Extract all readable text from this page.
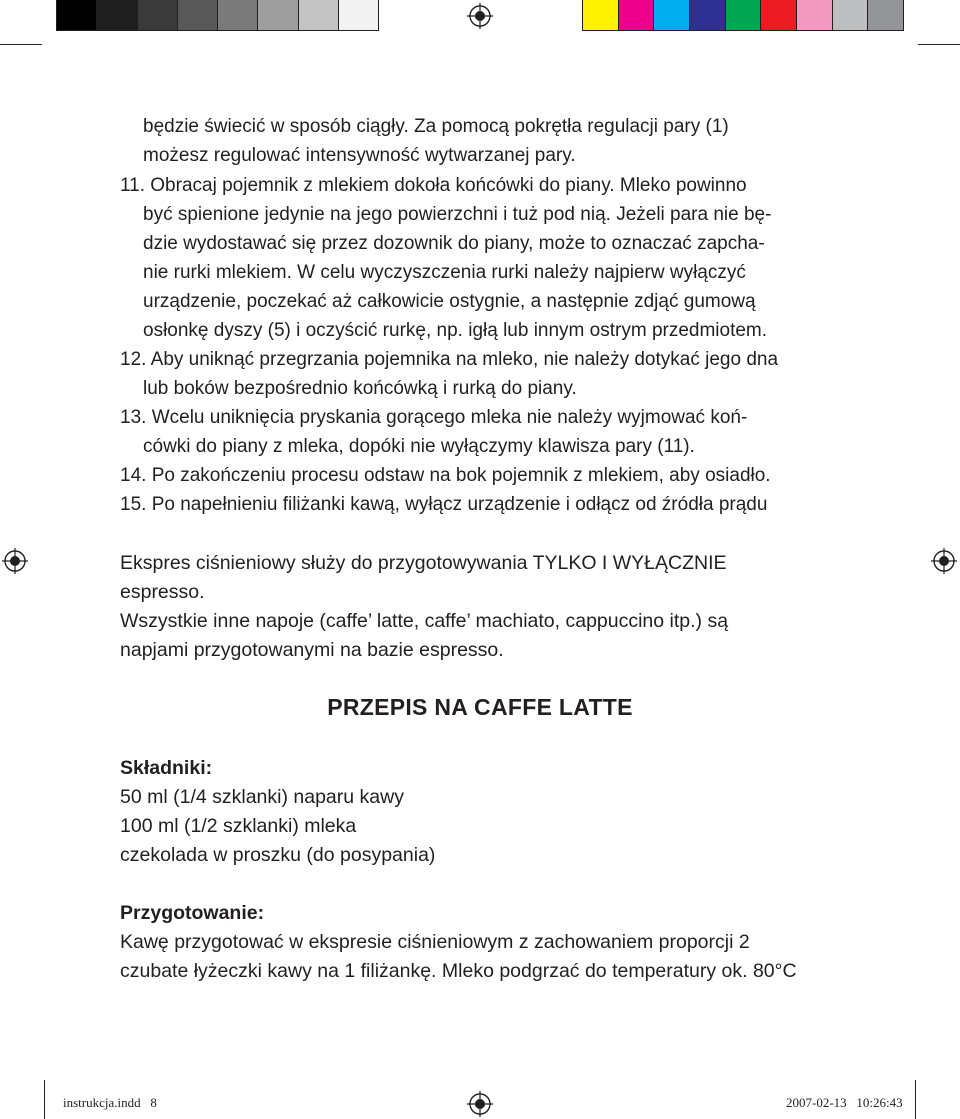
będzie świecić w sposób ciągły. Za pomocą pokrętła regulacji pary (1)
możesz regulować intensywność wytwarzanej pary.
11. Obracaj pojemnik z mlekiem dokoła końcówki do piany. Mleko powinno
być spienione jedynie na jego powierzchni i tuż pod nią. Jeżeli para nie bę-
dzie wydostawać się przez dozownik do piany, może to oznaczać zapcha-
nie rurki mlekiem. W celu wyczyszczenia rurki należy najpierw wyłączyć
urządzenie, poczekać aż całkowicie ostygnie, a następnie zdjąć gumową
osłonkę dyszy (5) i oczyścić rurkę, np. igłą lub innym ostrym przedmiotem.
12. Aby uniknąć przegrzania pojemnika na mleko, nie należy dotykać jego dna
lub boków bezpośrednio końcówką i rurką do piany.
13. Wcelu uniknięcia pryskania gorącego mleka nie należy wyjmować koń-
cówki do piany z mleka, dopóki nie wyłączymy klawisza pary (11).
14. Po zakończeniu procesu odstaw na bok pojemnik z mlekiem, aby osiadło.
15. Po napełnieniu filiżanki kawą, wyłącz urządzenie i odłącz od źródła prądu

Ekspres ciśnieniowy służy do przygotowywania TYLKO I WYŁĄCZNIE

espresso.

Wszystkie inne napoje (caffe’ latte, caffe’ machiato, cappuccino itp.) są

napjami przygotowanymi na bazie espresso.

PRZEPIS NA CAFFE LATTE

Składniki:

50 ml (1/4 szklanki) naparu kawy

100 ml (1/2 szklanki) mleka

czekolada w proszku (do posypania)

Przygotowanie:

Kawę przygotować w ekspresie ciśnieniowym z zachowaniem proporcji 2

czubate łyżeczki kawy na 1 filiżankę. Mleko podgrzać do temperatury ok. 80°C

instrukcja.indd   8	2007-02-13   10:26:43
